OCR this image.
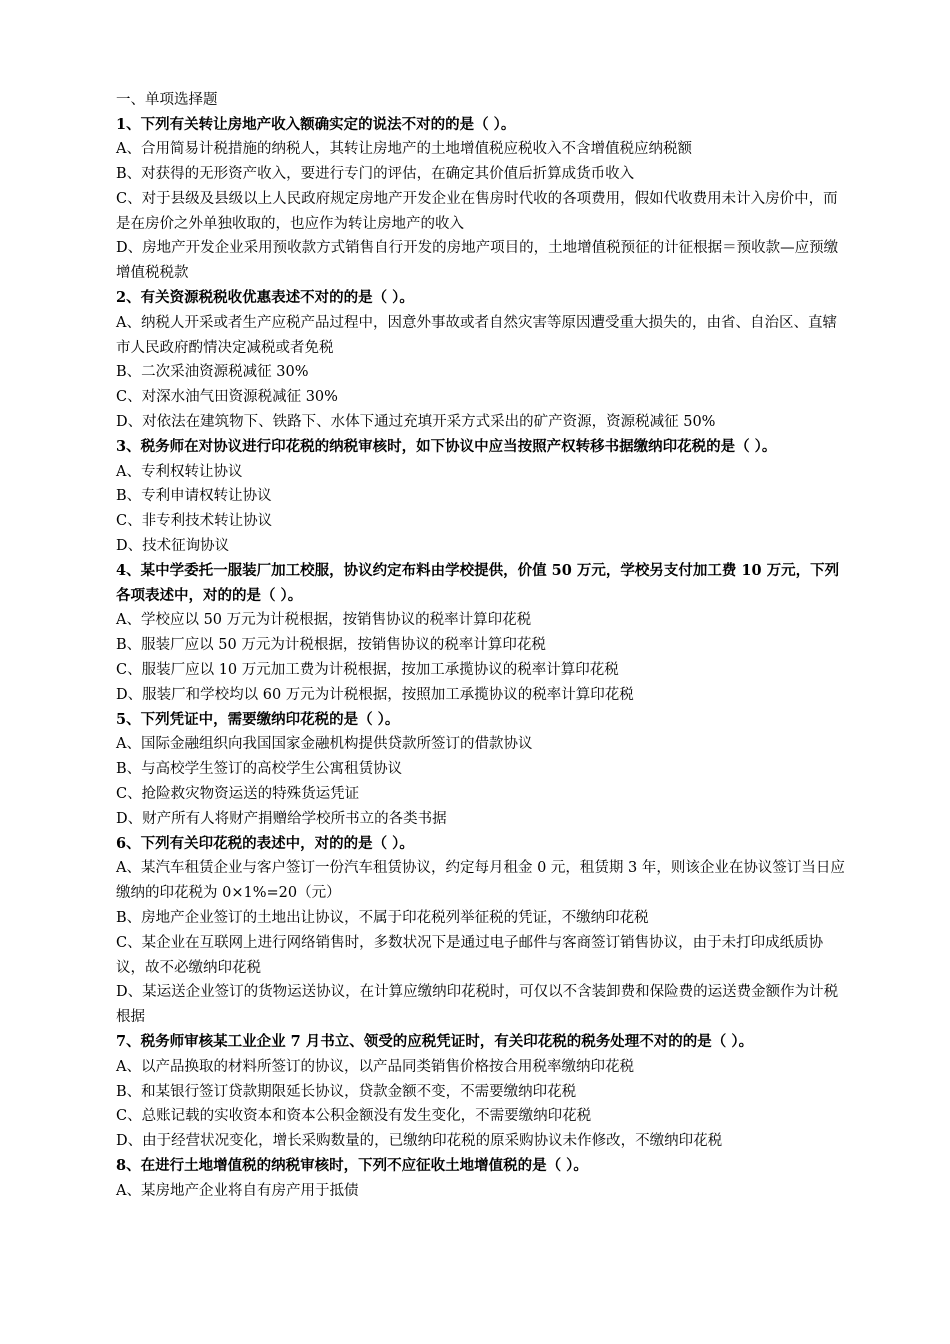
一、单项选择题
1、下列有关转让房地产收入额确实定的说法不对的的是（ ）。
A、合用简易计税措施的纳税人，其转让房地产的土地增值税应税收入不含增值税应纳税额
B、对获得的无形资产收入，要进行专门的评估，在确定其价值后折算成货币收入
C、对于县级及县级以上人民政府规定房地产开发企业在售房时代收的各项费用，假如代收费用未计入房价中，而是在房价之外单独收取的，也应作为转让房地产的收入
D、房地产开发企业采用预收款方式销售自行开发的房地产项目的，土地增值税预征的计征根据＝预收款—应预缴增值税税款
2、有关资源税税收优惠表述不对的的是（ ）。
A、纳税人开采或者生产应税产品过程中，因意外事故或者自然灾害等原因遭受重大损失的，由省、自治区、直辖市人民政府酌情决定减税或者免税
B、二次采油资源税减征 30%
C、对深水油气田资源税减征 30%
D、对依法在建筑物下、铁路下、水体下通过充填开采方式采出的矿产资源，资源税减征 50%
3、税务师在对协议进行印花税的纳税审核时，如下协议中应当按照产权转移书据缴纳印花税的是（ ）。
A、专利权转让协议
B、专利申请权转让协议
C、非专利技术转让协议
D、技术征询协议
4、某中学委托一服装厂加工校服，协议约定布料由学校提供，价值 50 万元，学校另支付加工费 10 万元，下列各项表述中，对的的是（ ）。
A、学校应以 50 万元为计税根据，按销售协议的税率计算印花税
B、服装厂应以 50 万元为计税根据，按销售协议的税率计算印花税
C、服装厂应以 10 万元加工费为计税根据，按加工承揽协议的税率计算印花税
D、服装厂和学校均以 60 万元为计税根据，按照加工承揽协议的税率计算印花税
5、下列凭证中，需要缴纳印花税的是（ ）。
A、国际金融组织向我国国家金融机构提供贷款所签订的借款协议
B、与高校学生签订的高校学生公寓租赁协议
C、抢险救灾物资运送的特殊货运凭证
D、财产所有人将财产捐赠给学校所书立的各类书据
6、下列有关印花税的表述中，对的的是（ ）。
A、某汽车租赁企业与客户签订一份汽车租赁协议，约定每月租金 0 元，租赁期 3 年，则该企业在协议签订当日应缴纳的印花税为 0×1%=20（元）
B、房地产企业签订的土地出让协议，不属于印花税列举征税的凭证，不缴纳印花税
C、某企业在互联网上进行网络销售时，多数状况下是通过电子邮件与客商签订销售协议，由于未打印成纸质协议，故不必缴纳印花税
D、某运送企业签订的货物运送协议，在计算应缴纳印花税时，可仅以不含装卸费和保险费的运送费金额作为计税根据
7、税务师审核某工业企业 7 月书立、领受的应税凭证时，有关印花税的税务处理不对的的是（ ）。
A、以产品换取的材料所签订的协议，以产品同类销售价格按合用税率缴纳印花税
B、和某银行签订贷款期限延长协议，贷款金额不变，不需要缴纳印花税
C、总账记载的实收资本和资本公积金额没有发生变化，不需要缴纳印花税
D、由于经营状况变化，增长采购数量的，已缴纳印花税的原采购协议未作修改，不缴纳印花税
8、在进行土地增值税的纳税审核时，下列不应征收土地增值税的是（ ）。
A、某房地产企业将自有房产用于抵债
